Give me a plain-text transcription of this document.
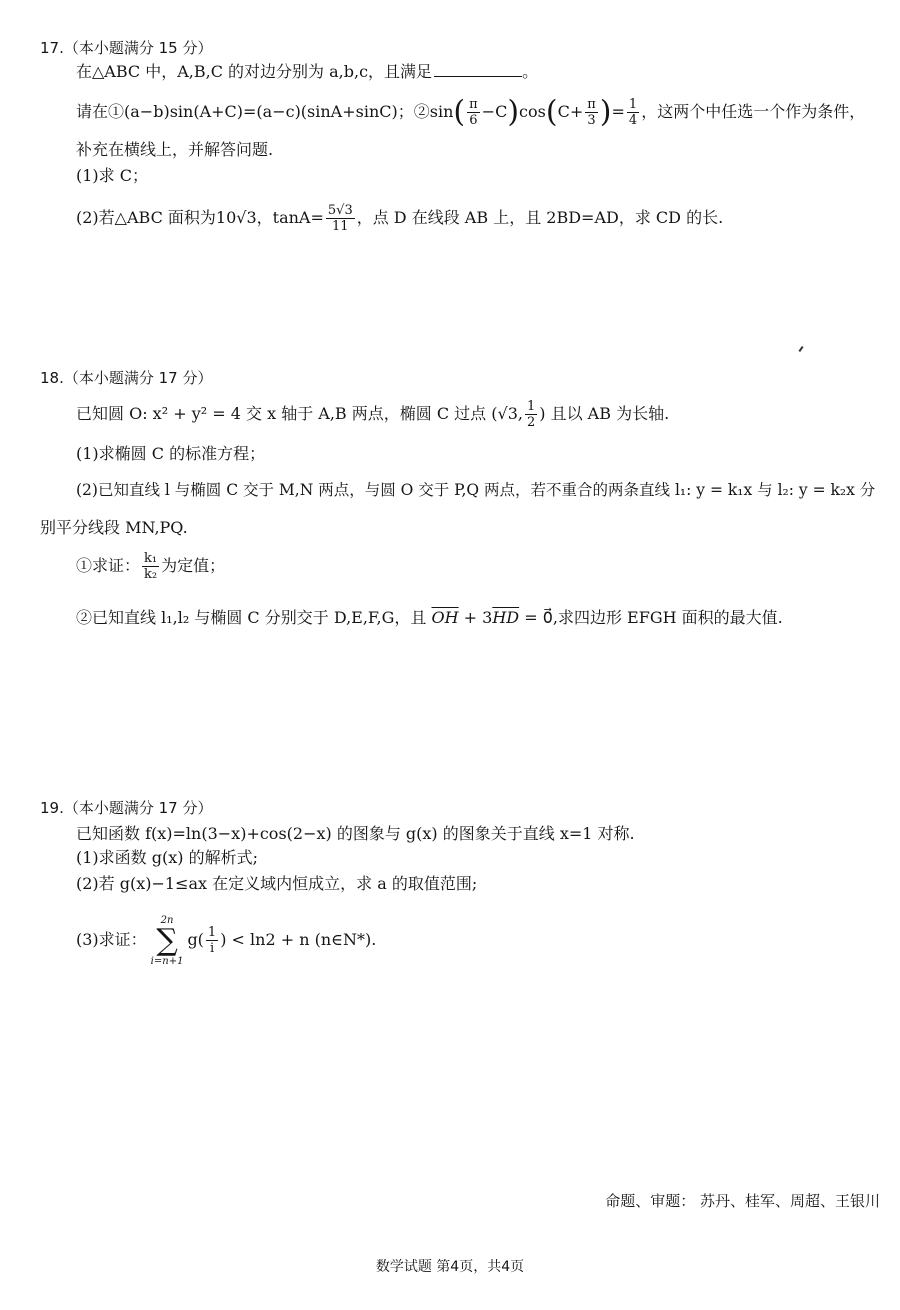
17.（本小题满分 15 分）
在△ABC 中，A,B,C 的对边分别为 a,b,c，且满足	。
请在①(a−b)sin(A+C)=(a−c)(sinA+sinC)；②sin( $\frac{\pi}{6} -C)\cos(C+ \frac{\pi}{3}$ )= $\frac{1}{4}$ ，这两个中任选一个作为条件，
补充在横线上，并解答问题.
(1)求 C；
(2)若△ABC 面积为10√3，$\tan A= \frac{5√3}{11}$ ，点 D 在线段 AB 上，且 2BD=AD，求 CD 的长.
18.（本小题满分 17 分）
已知圆 O: x² + y² = 4 交 x 轴于 A,B 两点，椭圆 C 过点 (√3, $\frac{1}{2}$ ) 且以 AB 为长轴.
(1)求椭圆 C 的标准方程；
(2)已知直线 l 与椭圆 C 交于 M,N 两点，与圆 O 交于 P,Q 两点，若不重合的两条直线 l₁: y = k₁x 与 l₂: y = k₂x 分
别平分线段 MN,PQ.
①求证： $\frac{\text{k₁}}{\text{k₂}}$ 为定值；
②已知直线 l₁,l₂ 与椭圆 C 分别交于 D,E,F,G，且 $\overline{OH} + 3\overline{HD}$ = 0⃗,求四边形 EFGH 面积的最大值.
19.（本小题满分 17 分）
已知函数 f(x)=ln(3−x)+cos(2−x) 的图象与 g(x) 的图象关于直线 x=1 对称.
(1)求函数 g(x) 的解析式;
(2)若 g(x)−1≤ax 在定义域内恒成立，求 a 的取值范围;
(3)求证：
2n
∑
i=n+1
$g( \frac{1}{i}$ ) < ln2 + n (n∈N*).
命题、审题： 苏丹、桂军、周超、王银川
数学试题 第4页，共4页
